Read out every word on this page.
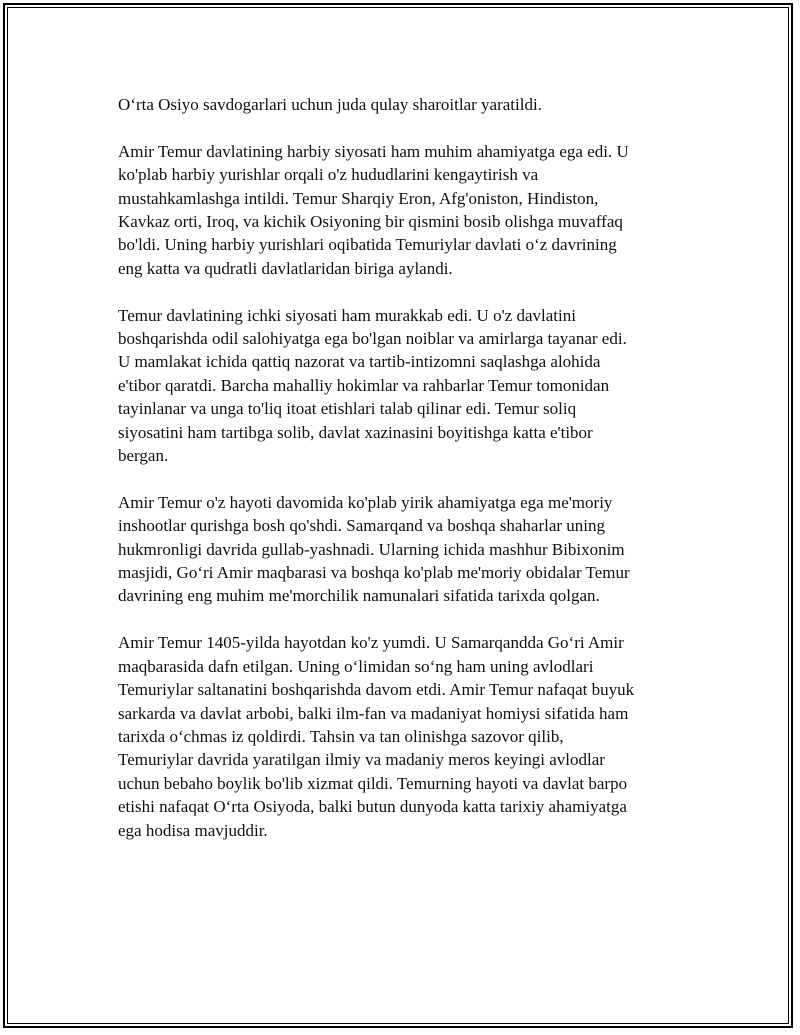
O‘rta Osiyo savdogarlari uchun juda qulay sharoitlar yaratildi.

Amir Temur davlatining harbiy siyosati ham muhim ahamiyatga ega edi. U
ko'plab harbiy yurishlar orqali o'z hududlarini kengaytirish va
mustahkamlashga intildi. Temur Sharqiy Eron, Afg'oniston, Hindiston,
Kavkaz orti, Iroq, va kichik Osiyoning bir qismini bosib olishga muvaffaq
bo'ldi. Uning harbiy yurishlari oqibatida Temuriylar davlati o‘z davrining
eng katta va qudratli davlatlaridan biriga aylandi.

Temur davlatining ichki siyosati ham murakkab edi. U o'z davlatini
boshqarishda odil salohiyatga ega bo'lgan noiblar va amirlarga tayanar edi.
U mamlakat ichida qattiq nazorat va tartib-intizomni saqlashga alohida
e'tibor qaratdi. Barcha mahalliy hokimlar va rahbarlar Temur tomonidan
tayinlanar va unga to'liq itoat etishlari talab qilinar edi. Temur soliq
siyosatini ham tartibga solib, davlat xazinasini boyitishga katta e'tibor
bergan.

Amir Temur o'z hayoti davomida ko'plab yirik ahamiyatga ega me'moriy
inshootlar qurishga bosh qo'shdi. Samarqand va boshqa shaharlar uning
hukmronligi davrida gullab-yashnadi. Ularning ichida mashhur Bibixonim
masjidi, Go‘ri Amir maqbarasi va boshqa ko'plab me'moriy obidalar Temur
davrining eng muhim me'morchilik namunalari sifatida tarixda qolgan.

Amir Temur 1405-yilda hayotdan ko'z yumdi. U Samarqandda Go‘ri Amir
maqbarasida dafn etilgan. Uning o‘limidan so‘ng ham uning avlodlari
Temuriylar saltanatini boshqarishda davom etdi. Amir Temur nafaqat buyuk
sarkarda va davlat arbobi, balki ilm-fan va madaniyat homiysi sifatida ham
tarixda o‘chmas iz qoldirdi. Tahsin va tan olinishga sazovor qilib,
Temuriylar davrida yaratilgan ilmiy va madaniy meros keyingi avlodlar
uchun bebaho boylik bo'lib xizmat qildi. Temurning hayoti va davlat barpo
etishi nafaqat O‘rta Osiyoda, balki butun dunyoda katta tarixiy ahamiyatga
ega hodisa mavjuddir.
